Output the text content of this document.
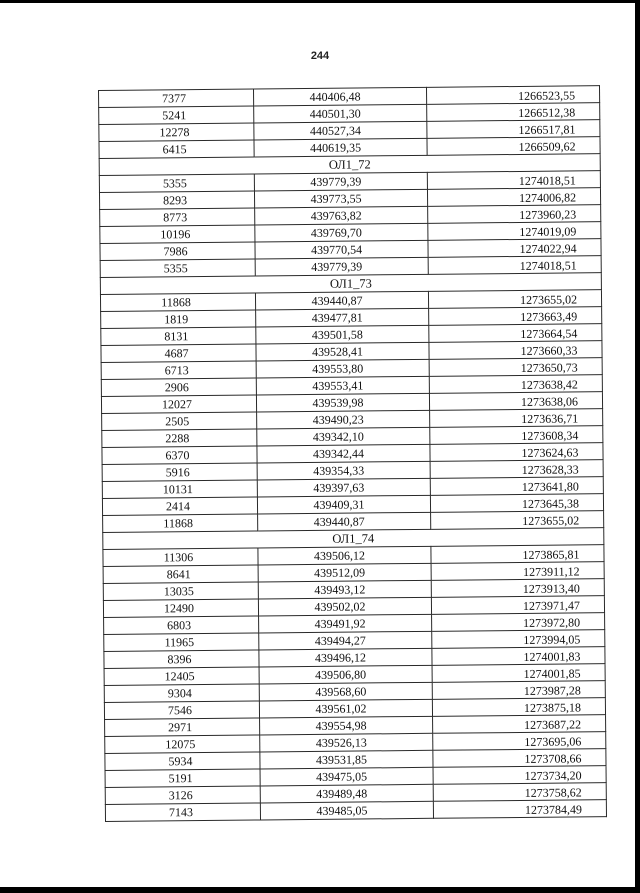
244
7377	440406,48	1266523,55
5241	440501,30	1266512,38
12278	440527,34	1266517,81
6415	440619,35	1266509,62
ОЛ1_72		
5355	439779,39	1274018,51
8293	439773,55	1274006,82
8773	439763,82	1273960,23
10196	439769,70	1274019,09
7986	439770,54	1274022,94
5355	439779,39	1274018,51
ОЛ1_73		
11868	439440,87	1273655,02
1819	439477,81	1273663,49
8131	439501,58	1273664,54
4687	439528,41	1273660,33
6713	439553,80	1273650,73
2906	439553,41	1273638,42
12027	439539,98	1273638,06
2505	439490,23	1273636,71
2288	439342,10	1273608,34
6370	439342,44	1273624,63
5916	439354,33	1273628,33
10131	439397,63	1273641,80
2414	439409,31	1273645,38
11868	439440,87	1273655,02
ОЛ1_74		
11306	439506,12	1273865,81
8641	439512,09	1273911,12
13035	439493,12	1273913,40
12490	439502,02	1273971,47
6803	439491,92	1273972,80
11965	439494,27	1273994,05
8396	439496,12	1274001,83
12405	439506,80	1274001,85
9304	439568,60	1273987,28
7546	439561,02	1273875,18
2971	439554,98	1273687,22
12075	439526,13	1273695,06
5934	439531,85	1273708,66
5191	439475,05	1273734,20
3126	439489,48	1273758,62
7143	439485,05	1273784,49
